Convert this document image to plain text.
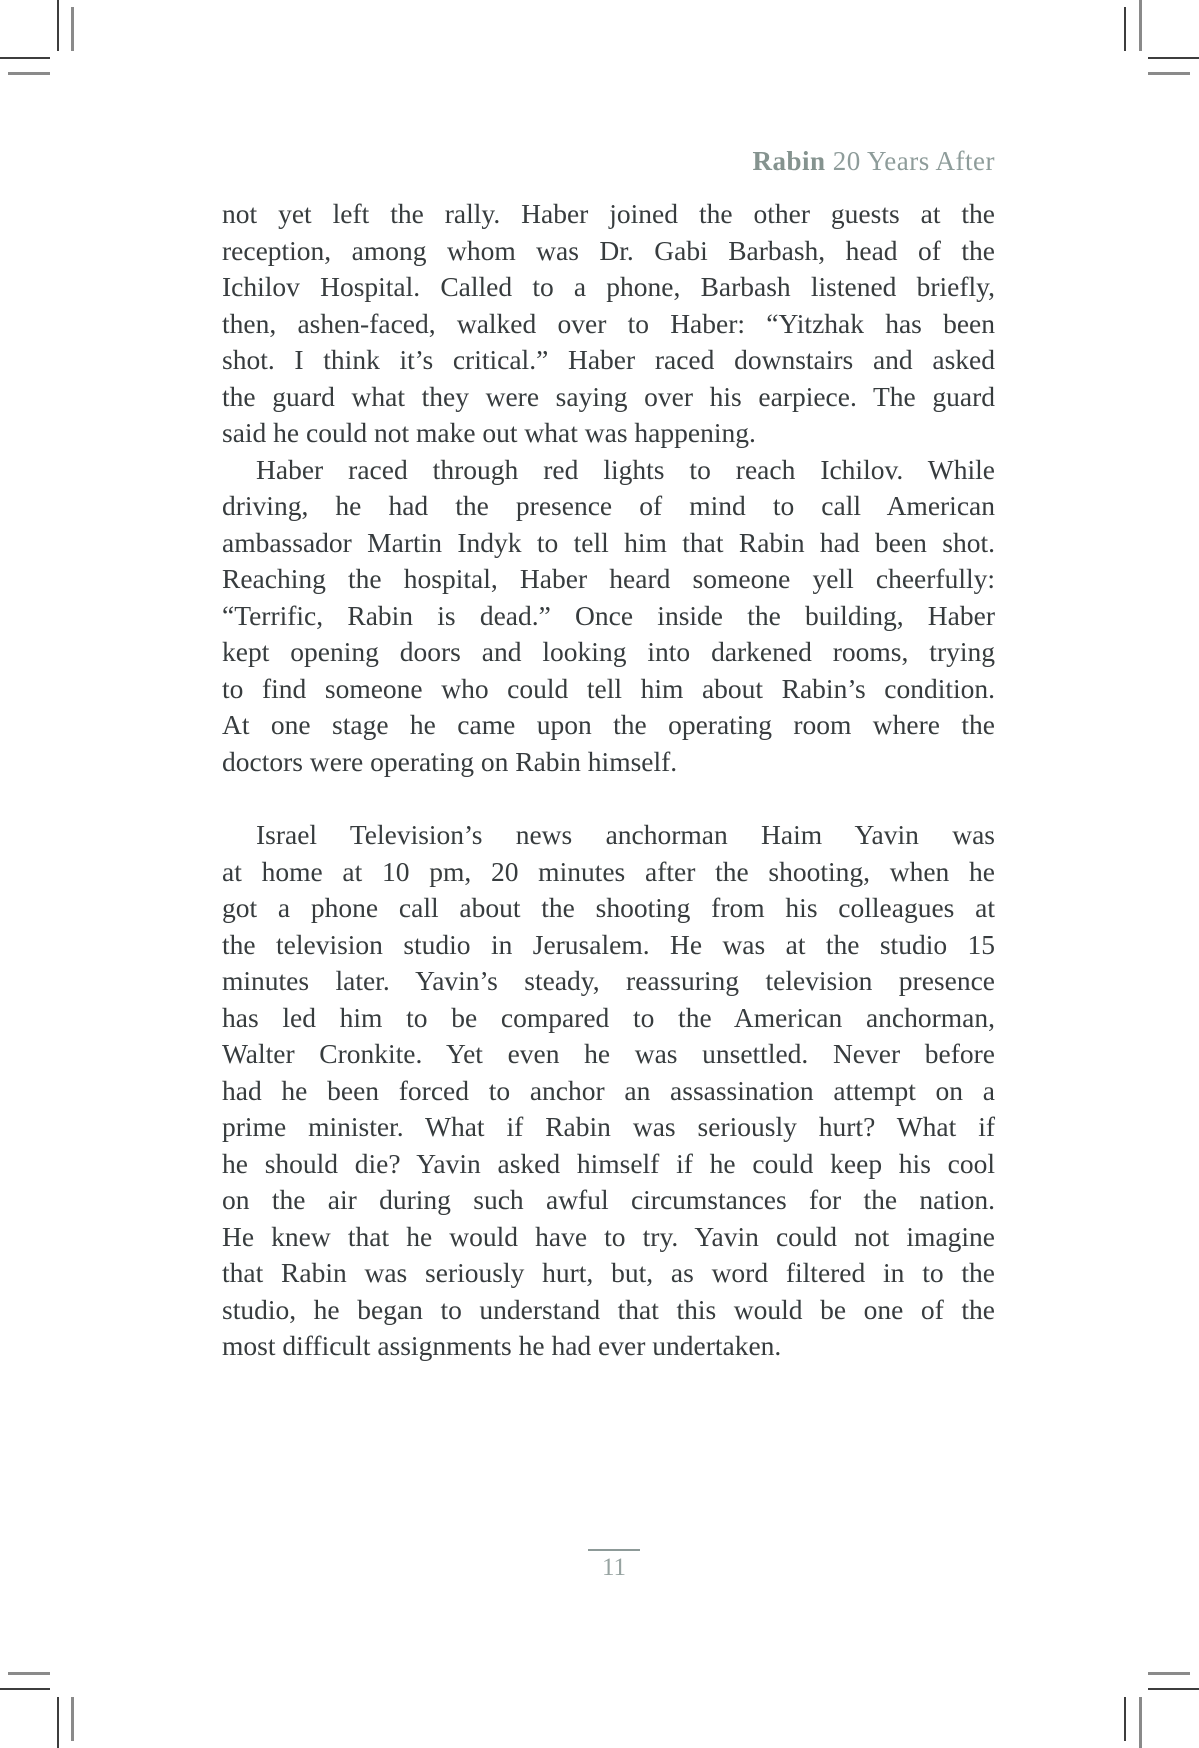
Rabin 20 Years After
not yet left the rally. Haber joined the other guests at the
reception, among whom was Dr. Gabi Barbash, head of the
Ichilov Hospital. Called to a phone, Barbash listened briefly,
then, ashen-faced, walked over to Haber: “Yitzhak has been
shot. I think it’s critical.” Haber raced downstairs and asked
the guard what they were saying over his earpiece. The guard
said he could not make out what was happening.
Haber raced through red lights to reach Ichilov. While
driving, he had the presence of mind to call American
ambassador Martin Indyk to tell him that Rabin had been shot.
Reaching the hospital, Haber heard someone yell cheerfully:
“Terrific, Rabin is dead.” Once inside the building, Haber
kept opening doors and looking into darkened rooms, trying
to find someone who could tell him about Rabin’s condition.
At one stage he came upon the operating room where the
doctors were operating on Rabin himself.
Israel Television’s news anchorman Haim Yavin was
at home at 10 pm, 20 minutes after the shooting, when he
got a phone call about the shooting from his colleagues at
the television studio in Jerusalem. He was at the studio 15
minutes later. Yavin’s steady, reassuring television presence
has led him to be compared to the American anchorman,
Walter Cronkite. Yet even he was unsettled. Never before
had he been forced to anchor an assassination attempt on a
prime minister. What if Rabin was seriously hurt? What if
he should die? Yavin asked himself if he could keep his cool
on the air during such awful circumstances for the nation.
He knew that he would have to try. Yavin could not imagine
that Rabin was seriously hurt, but, as word filtered in to the
studio, he began to understand that this would be one of the
most difficult assignments he had ever undertaken.
11
